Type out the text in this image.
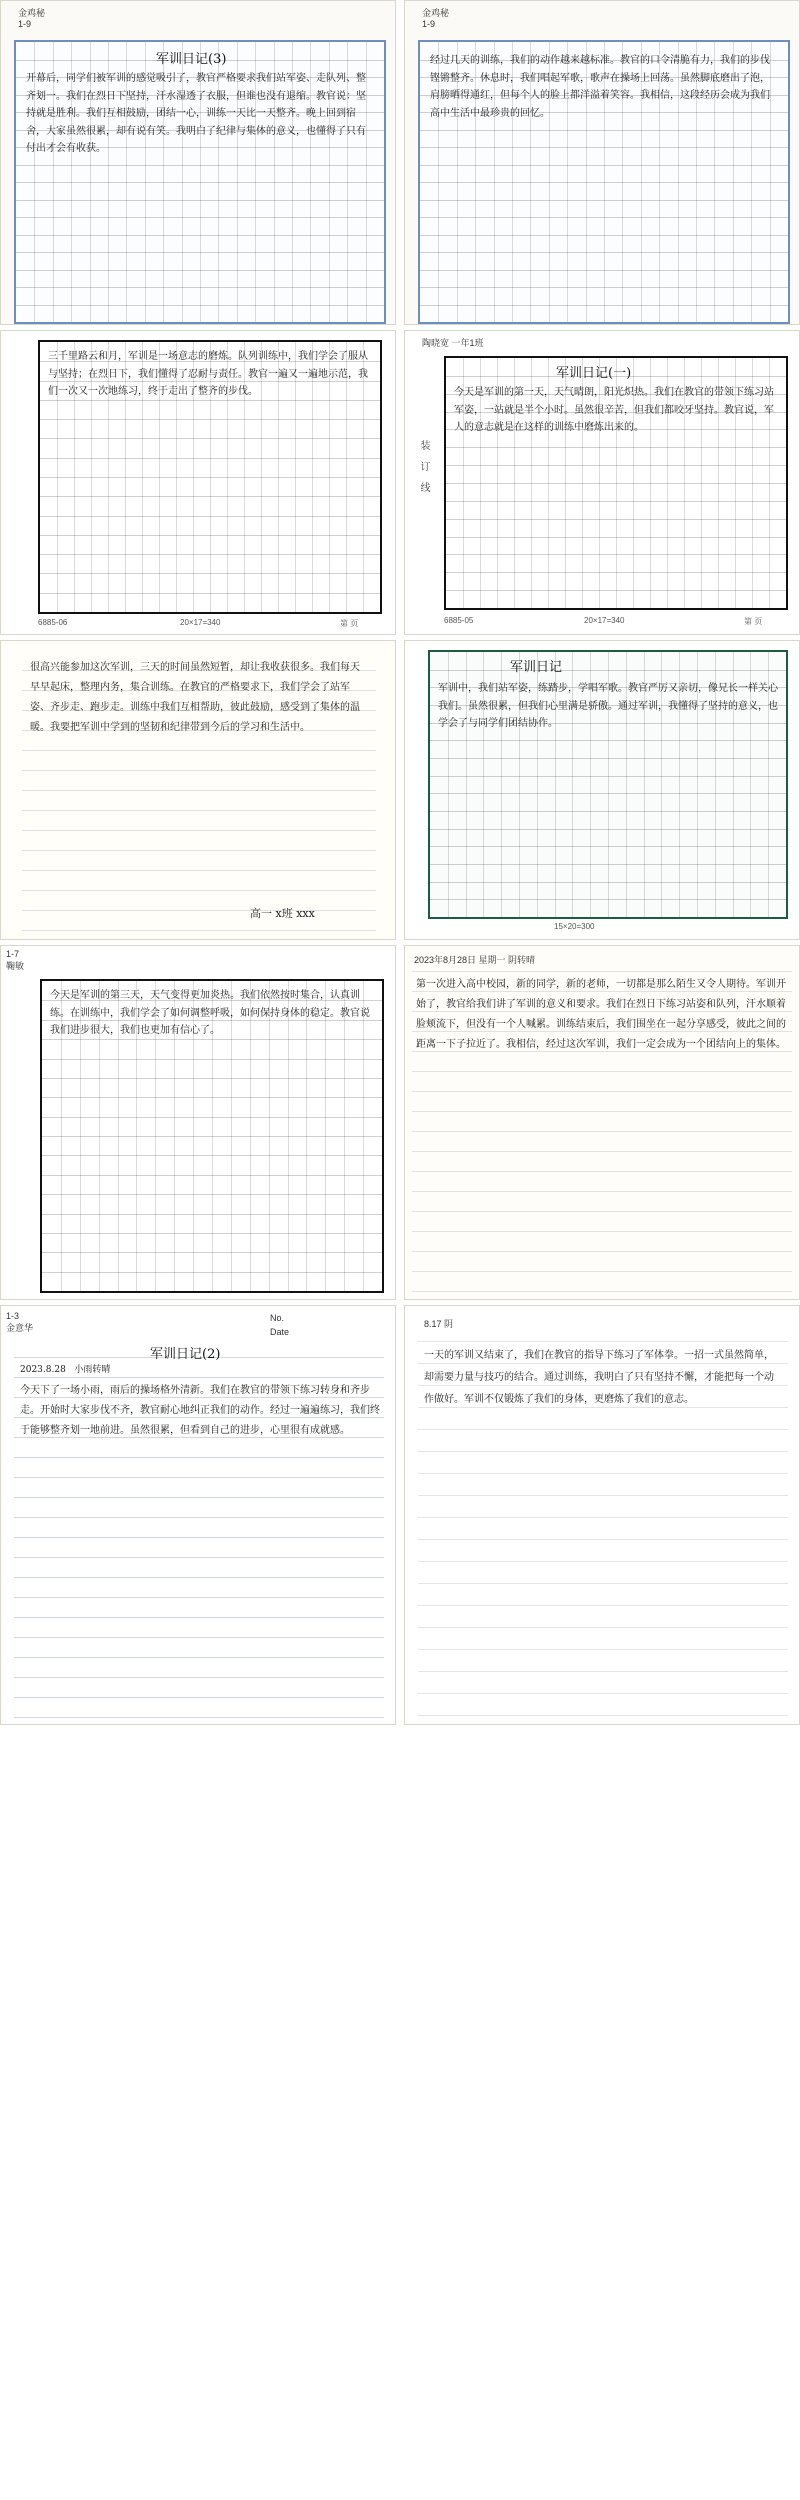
金鸡秘
1-9
军训日记(3)
开幕后，同学们被军训的感觉吸引了，教官严格要求我们站军姿、走队列、整齐划一。我们在烈日下坚持，汗水湿透了衣服，但谁也没有退缩。教官说：坚持就是胜利。我们互相鼓励，团结一心，训练一天比一天整齐。晚上回到宿舍，大家虽然很累，却有说有笑。我明白了纪律与集体的意义，也懂得了只有付出才会有收获。
金鸡秘
1-9
经过几天的训练，我们的动作越来越标准。教官的口令清脆有力，我们的步伐铿锵整齐。休息时，我们唱起军歌，歌声在操场上回荡。虽然脚底磨出了泡，肩膀晒得通红，但每个人的脸上都洋溢着笑容。我相信，这段经历会成为我们高中生活中最珍贵的回忆。
三千里路云和月，军训是一场意志的磨炼。队列训练中，我们学会了服从与坚持；在烈日下，我们懂得了忍耐与责任。教官一遍又一遍地示范，我们一次又一次地练习，终于走出了整齐的步伐。
6885-06	20×17=340	第 页
陶晓宽 一年1班
装 订 线
军训日记(一)
今天是军训的第一天，天气晴朗，阳光炽热。我们在教官的带领下练习站军姿，一站就是半个小时。虽然很辛苦，但我们都咬牙坚持。教官说，军人的意志就是在这样的训练中磨炼出来的。
6885-05	20×17=340	第 页
很高兴能参加这次军训，三天的时间虽然短暂，却让我收获很多。我们每天早早起床，整理内务，集合训练。在教官的严格要求下，我们学会了站军姿、齐步走、跑步走。训练中我们互相帮助，彼此鼓励，感受到了集体的温暖。我要把军训中学到的坚韧和纪律带到今后的学习和生活中。
高一 x班 xxx
军训日记
军训中，我们站军姿，练踏步，学唱军歌。教官严厉又亲切，像兄长一样关心我们。虽然很累，但我们心里满是骄傲。通过军训，我懂得了坚持的意义，也学会了与同学们团结协作。
15×20=300
1-7
鞠敏
今天是军训的第三天，天气变得更加炎热。我们依然按时集合，认真训练。在训练中，我们学会了如何调整呼吸，如何保持身体的稳定。教官说我们进步很大，我们也更加有信心了。
2023年8月28日 星期一 阴转晴
第一次进入高中校园，新的同学，新的老师，一切都是那么陌生又令人期待。军训开始了，教官给我们讲了军训的意义和要求。我们在烈日下练习站姿和队列，汗水顺着脸颊流下，但没有一个人喊累。训练结束后，我们围坐在一起分享感受，彼此之间的距离一下子拉近了。我相信，经过这次军训，我们一定会成为一个团结向上的集体。
1-3
金意华
No.
Date
军训日记(2)
2023.8.28   小雨转晴
今天下了一场小雨，雨后的操场格外清新。我们在教官的带领下练习转身和齐步走。开始时大家步伐不齐，教官耐心地纠正我们的动作。经过一遍遍练习，我们终于能够整齐划一地前进。虽然很累，但看到自己的进步，心里很有成就感。
8.17 阴
一天的军训又结束了，我们在教官的指导下练习了军体拳。一招一式虽然简单，却需要力量与技巧的结合。通过训练，我明白了只有坚持不懈，才能把每一个动作做好。军训不仅锻炼了我们的身体，更磨炼了我们的意志。
